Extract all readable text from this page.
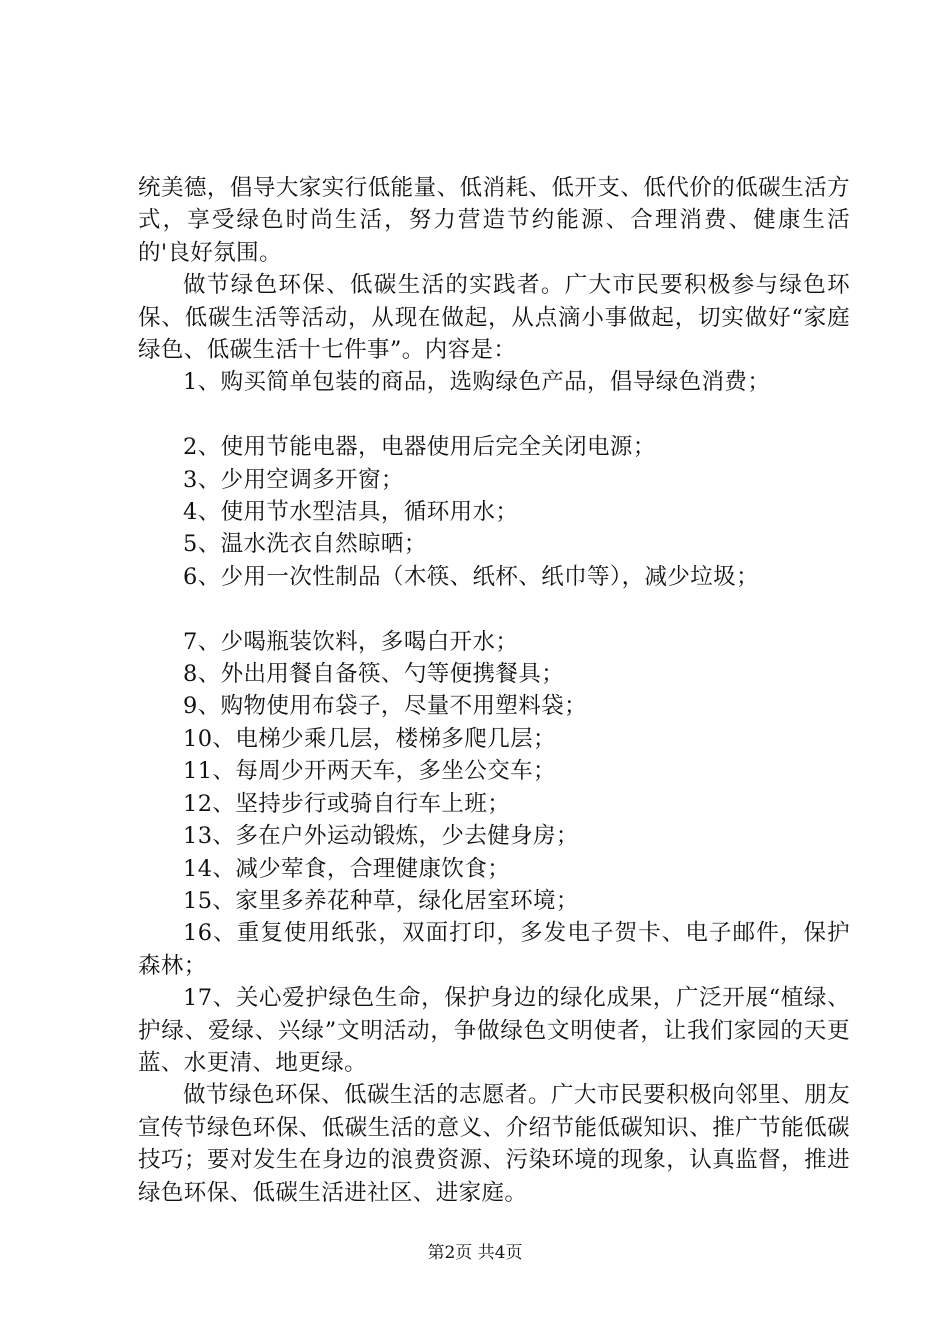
统美德，倡导大家实行低能量、低消耗、低开支、低代价的低碳生活方式，享受绿色时尚生活，努力营造节约能源、合理消费、健康生活的'良好氛围。

做节绿色环保、低碳生活的实践者。广大市民要积极参与绿色环保、低碳生活等活动，从现在做起，从点滴小事做起，切实做好“家庭绿色、低碳生活十七件事”。内容是：

1、购买简单包装的商品，选购绿色产品，倡导绿色消费；

2、使用节能电器，电器使用后完全关闭电源；

3、少用空调多开窗；

4、使用节水型洁具，循环用水；

5、温水洗衣自然晾晒；

6、少用一次性制品（木筷、纸杯、纸巾等），减少垃圾；

7、少喝瓶装饮料，多喝白开水；

8、外出用餐自备筷、勺等便携餐具；

9、购物使用布袋子，尽量不用塑料袋；

10、电梯少乘几层，楼梯多爬几层；

11、每周少开两天车，多坐公交车；

12、坚持步行或骑自行车上班；

13、多在户外运动锻炼，少去健身房；

14、减少荤食，合理健康饮食；

15、家里多养花种草，绿化居室环境；

16、重复使用纸张，双面打印，多发电子贺卡、电子邮件，保护森林；

17、关心爱护绿色生命，保护身边的绿化成果，广泛开展“植绿、护绿、爱绿、兴绿”文明活动，争做绿色文明使者，让我们家园的天更蓝、水更清、地更绿。

做节绿色环保、低碳生活的志愿者。广大市民要积极向邻里、朋友宣传节绿色环保、低碳生活的意义、介绍节能低碳知识、推广节能低碳技巧；要对发生在身边的浪费资源、污染环境的现象，认真监督，推进绿色环保、低碳生活进社区、进家庭。

第2页 共4页
